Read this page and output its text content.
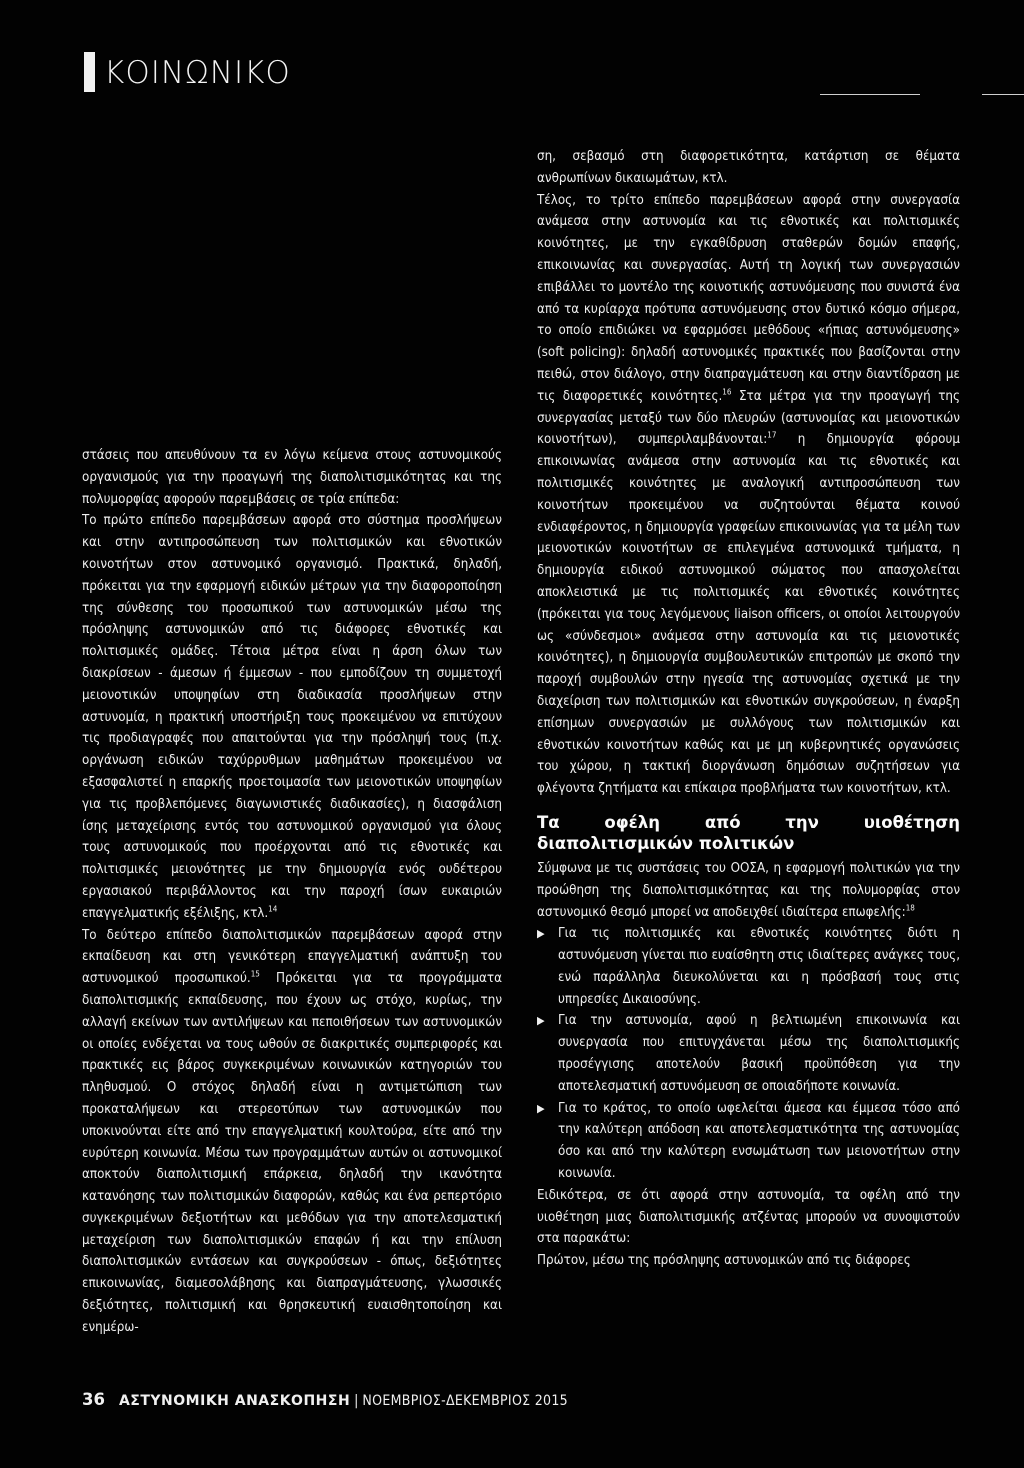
ΚΟΙΝΩΝΙΚΟ

στάσεις που απευθύνουν τα εν λόγω κείμενα στους αστυνομικούς οργανισμούς για την προαγωγή της διαπολιτισμικότητας και της πολυμορφίας αφορούν παρεμβάσεις σε τρία επίπεδα:

Το πρώτο επίπεδο παρεμβάσεων αφορά στο σύστημα προσλήψεων και στην αντιπροσώπευση των πολιτισμικών και εθνοτικών κοινοτήτων στον αστυνομικό οργανισμό. Πρακτικά, δηλαδή, πρόκειται για την εφαρμογή ειδικών μέτρων για την διαφοροποίηση της σύνθεσης του προσωπικού των αστυνομικών μέσω της πρόσληψης αστυνομικών από τις διάφορες εθνοτικές και πολιτισμικές ομάδες. Τέτοια μέτρα είναι η άρση όλων των διακρίσεων - άμεσων ή έμμεσων - που εμποδίζουν τη συμμετοχή μειονοτικών υποψηφίων στη διαδικασία προσλήψεων στην αστυνομία, η πρακτική υποστήριξη τους προκειμένου να επιτύχουν τις προδιαγραφές που απαιτούνται για την πρόσληψή τους (π.χ. οργάνωση ειδικών ταχύρρυθμων μαθημάτων προκειμένου να εξασφαλιστεί η επαρκής προετοιμασία των μειονοτικών υποψηφίων για τις προβλεπόμενες διαγωνιστικές διαδικασίες), η διασφάλιση ίσης μεταχείρισης εντός του αστυνομικού οργανισμού για όλους τους αστυνομικούς που προέρχονται από τις εθνοτικές και πολιτισμικές μειονότητες με την δημιουργία ενός ουδέτερου εργασιακού περιβάλλοντος και την παροχή ίσων ευκαιριών επαγγελματικής εξέλιξης, κτλ.$^{14}$

Το δεύτερο επίπεδο διαπολιτισμικών παρεμβάσεων αφορά στην εκπαίδευση και στη γενικότερη επαγγελματική ανάπτυξη του αστυνομικού προσωπικού.$^{15}$ Πρόκειται για τα προγράμματα διαπολιτισμικής εκπαίδευσης, που έχουν ως στόχο, κυρίως, την αλλαγή εκείνων των αντιλήψεων και πεποιθήσεων των αστυνομικών οι οποίες ενδέχεται να τους ωθούν σε διακριτικές συμπεριφορές και πρακτικές εις βάρος συγκεκριμένων κοινωνικών κατηγοριών του πληθυσμού. Ο στόχος δηλαδή είναι η αντιμετώπιση των προκαταλήψεων και στερεοτύπων των αστυνομικών που υποκινούνται είτε από την επαγγελματική κουλτούρα, είτε από την ευρύτερη κοινωνία. Μέσω των προγραμμάτων αυτών οι αστυνομικοί αποκτούν διαπολιτισμική επάρκεια, δηλαδή την ικανότητα κατανόησης των πολιτισμικών διαφορών, καθώς και ένα ρεπερτόριο συγκεκριμένων δεξιοτήτων και μεθόδων για την αποτελεσματική μεταχείριση των διαπολιτισμικών επαφών ή και την επίλυση διαπολιτισμικών εντάσεων και συγκρούσεων - όπως, δεξιότητες επικοινωνίας, διαμεσολάβησης και διαπραγμάτευσης, γλωσσικές δεξιότητες, πολιτισμική και θρησκευτική ευαισθητοποίηση και ενημέρω-

ση, σεβασμό στη διαφορετικότητα, κατάρτιση σε θέματα ανθρωπίνων δικαιωμάτων, κτλ.

Τέλος, το τρίτο επίπεδο παρεμβάσεων αφορά στην συνεργασία ανάμεσα στην αστυνομία και τις εθνοτικές και πολιτισμικές κοινότητες, με την εγκαθίδρυση σταθερών δομών επαφής, επικοινωνίας και συνεργασίας. Αυτή τη λογική των συνεργασιών επιβάλλει το μοντέλο της κοινοτικής αστυνόμευσης που συνιστά ένα από τα κυρίαρχα πρότυπα αστυνόμευσης στον δυτικό κόσμο σήμερα, το οποίο επιδιώκει να εφαρμόσει μεθόδους «ήπιας αστυνόμευσης» (soft policing): δηλαδή αστυνομικές πρακτικές που βασίζονται στην πειθώ, στον διάλογο, στην διαπραγμάτευση και στην διαντίδραση με τις διαφορετικές κοινότητες.$^{16}$ Στα μέτρα για την προαγωγή της συνεργασίας μεταξύ των δύο πλευρών (αστυνομίας και μειονοτικών κοινοτήτων), συμπεριλαμβάνονται:$^{17}$ η δημιουργία φόρουμ επικοινωνίας ανάμεσα στην αστυνομία και τις εθνοτικές και πολιτισμικές κοινότητες με αναλογική αντιπροσώπευση των κοινοτήτων προκειμένου να συζητούνται θέματα κοινού ενδιαφέροντος, η δημιουργία γραφείων επικοινωνίας για τα μέλη των μειονοτικών κοινοτήτων σε επιλεγμένα αστυνομικά τμήματα, η δημιουργία ειδικού αστυνομικού σώματος που απασχολείται αποκλειστικά με τις πολιτισμικές και εθνοτικές κοινότητες (πρόκειται για τους λεγόμενους liaison officers, οι οποίοι λειτουργούν ως «σύνδεσμοι» ανάμεσα στην αστυνομία και τις μειονοτικές κοινότητες), η δημιουργία συμβουλευτικών επιτροπών με σκοπό την παροχή συμβουλών στην ηγεσία της αστυνομίας σχετικά με την διαχείριση των πολιτισμικών και εθνοτικών συγκρούσεων, η έναρξη επίσημων συνεργασιών με συλλόγους των πολιτισμικών και εθνοτικών κοινοτήτων καθώς και με μη κυβερνητικές οργανώσεις του χώρου, η τακτική διοργάνωση δημόσιων συζητήσεων για φλέγοντα ζητήματα και επίκαιρα προβλήματα των κοινοτήτων, κτλ.

Τα οφέλη από την υιοθέτηση διαπολιτισμικών πολιτικών

Σύμφωνα με τις συστάσεις του ΟΟΣΑ, η εφαρμογή πολιτικών για την προώθηση της διαπολιτισμικότητας και της πολυμορφίας στον αστυνομικό θεσμό μπορεί να αποδειχθεί ιδιαίτερα επωφελής:$^{18}$

▶ Για τις πολιτισμικές και εθνοτικές κοινότητες διότι η αστυνόμευση γίνεται πιο ευαίσθητη στις ιδιαίτερες ανάγκες τους, ενώ παράλληλα διευκολύνεται και η πρόσβασή τους στις υπηρεσίες Δικαιοσύνης.
▶ Για την αστυνομία, αφού η βελτιωμένη επικοινωνία και συνεργασία που επιτυγχάνεται μέσω της διαπολιτισμικής προσέγγισης αποτελούν βασική προϋπόθεση για την αποτελεσματική αστυνόμευση σε οποιαδήποτε κοινωνία.
▶ Για το κράτος, το οποίο ωφελείται άμεσα και έμμεσα τόσο από την καλύτερη απόδοση και αποτελεσματικότητα της αστυνομίας όσο και από την καλύτερη ενσωμάτωση των μειονοτήτων στην κοινωνία.

Ειδικότερα, σε ότι αφορά στην αστυνομία, τα οφέλη από την υιοθέτηση μιας διαπολιτισμικής ατζέντας μπορούν να συνοψιστούν στα παρακάτω:

Πρώτον, μέσω της πρόσληψης αστυνομικών από τις διάφορες

36 ΑΣΤΥΝΟΜΙΚΗ ΑΝΑΣΚΟΠΗΣΗ | ΝΟΕΜΒΡΙΟΣ-ΔΕΚΕΜΒΡΙΟΣ 2015
